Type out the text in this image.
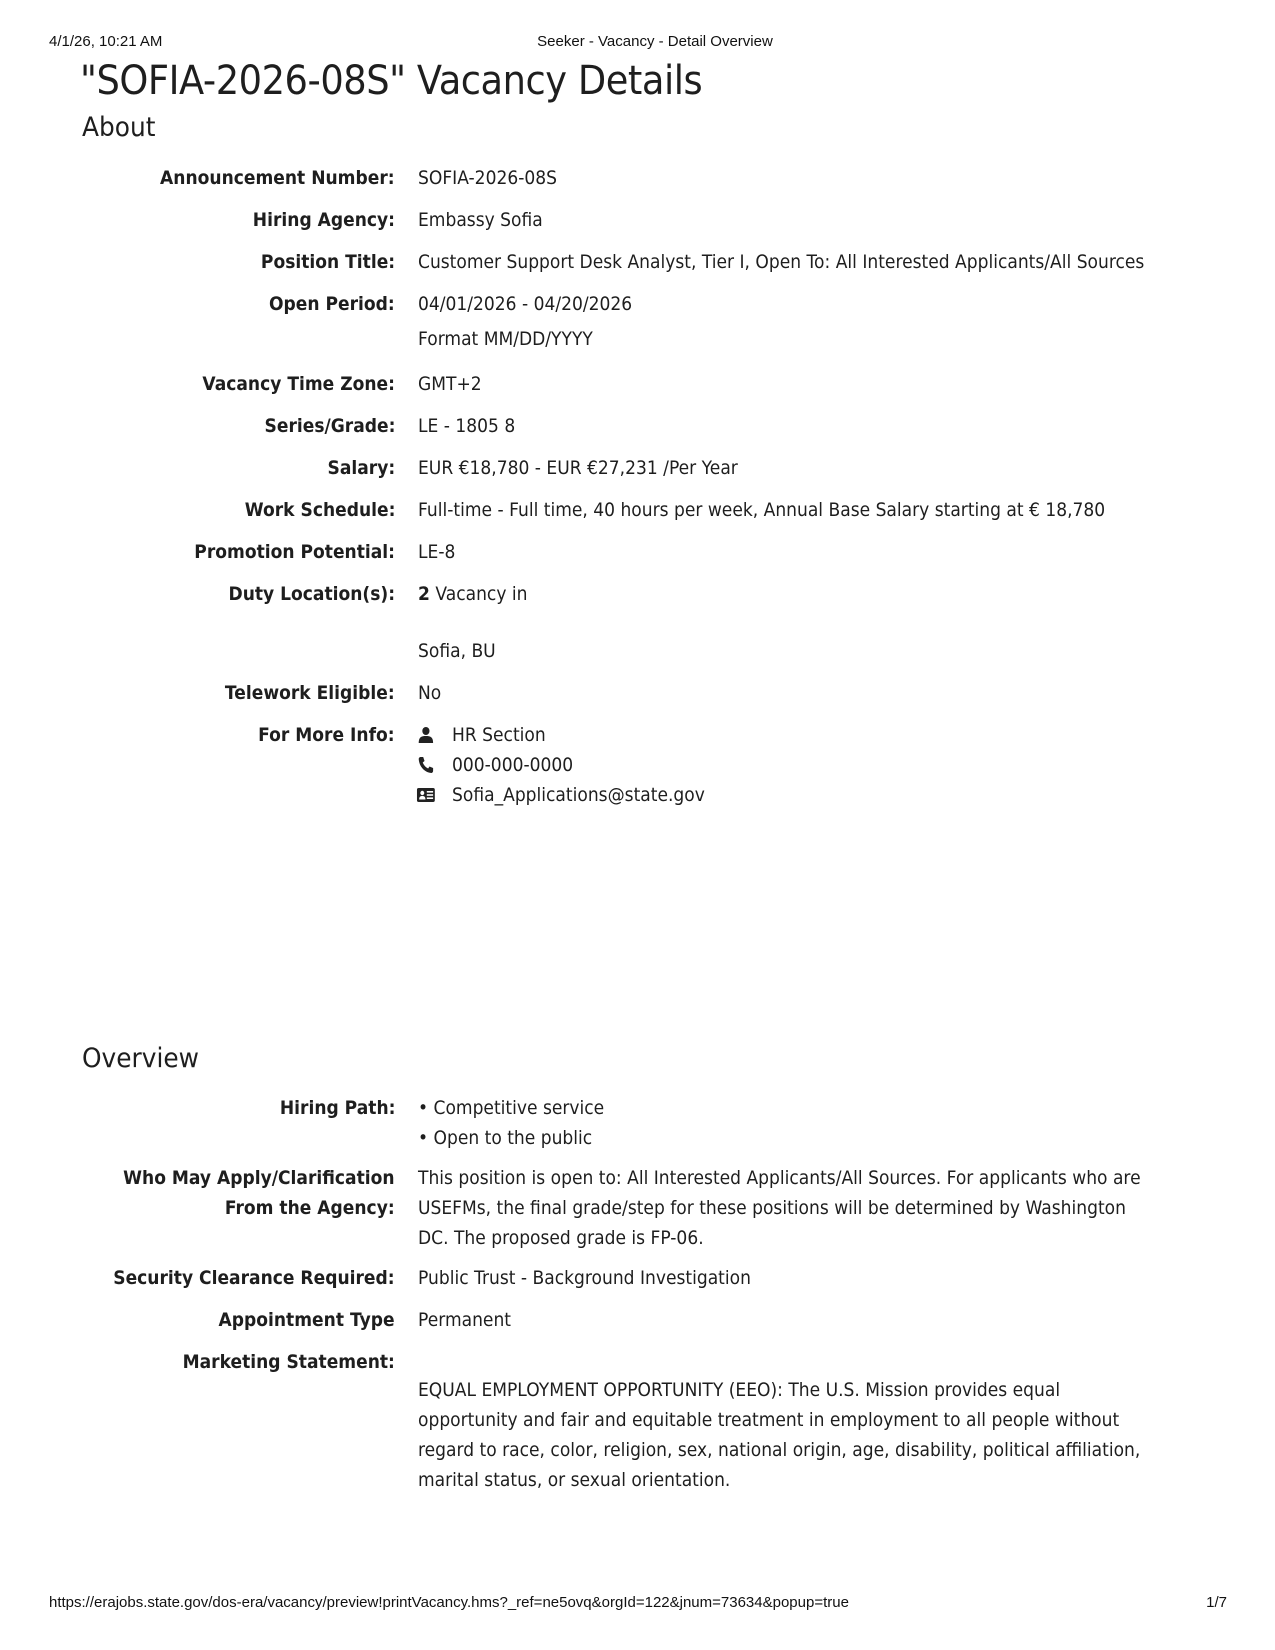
4/1/26, 10:21 AM	Seeker - Vacancy - Detail Overview
"SOFIA-2026-08S" Vacancy Details
About
Announcement Number: SOFIA-2026-08S
Hiring Agency: Embassy Sofia
Position Title: Customer Support Desk Analyst, Tier I, Open To: All Interested Applicants/All Sources
Open Period: 04/01/2026 - 04/20/2026
Format MM/DD/YYYY
Vacancy Time Zone: GMT+2
Series/Grade: LE - 1805 8
Salary: EUR €18,780 - EUR €27,231 /Per Year
Work Schedule: Full-time - Full time, 40 hours per week, Annual Base Salary starting at € 18,780
Promotion Potential: LE-8
Duty Location(s): 2 Vacancy in
Sofia, BU
Telework Eligible: No
For More Info:	HR Section
000-000-0000
Sofia_Applications@state.gov
Overview
Hiring Path: • Competitive service
• Open to the public
Who May Apply/Clarification
From the Agency:
This position is open to: All Interested Applicants/All Sources. For applicants who are USEFMs, the final grade/step for these positions will be determined by Washington DC. The proposed grade is FP-06.
Security Clearance Required: Public Trust - Background Investigation
Appointment Type Permanent
Marketing Statement:
EQUAL EMPLOYMENT OPPORTUNITY (EEO): The U.S. Mission provides equal opportunity and fair and equitable treatment in employment to all people without regard to race, color, religion, sex, national origin, age, disability, political affiliation, marital status, or sexual orientation.
https://erajobs.state.gov/dos-era/vacancy/preview!printVacancy.hms?_ref=ne5ovq&orgId=122&jnum=73634&popup=true	1/7
